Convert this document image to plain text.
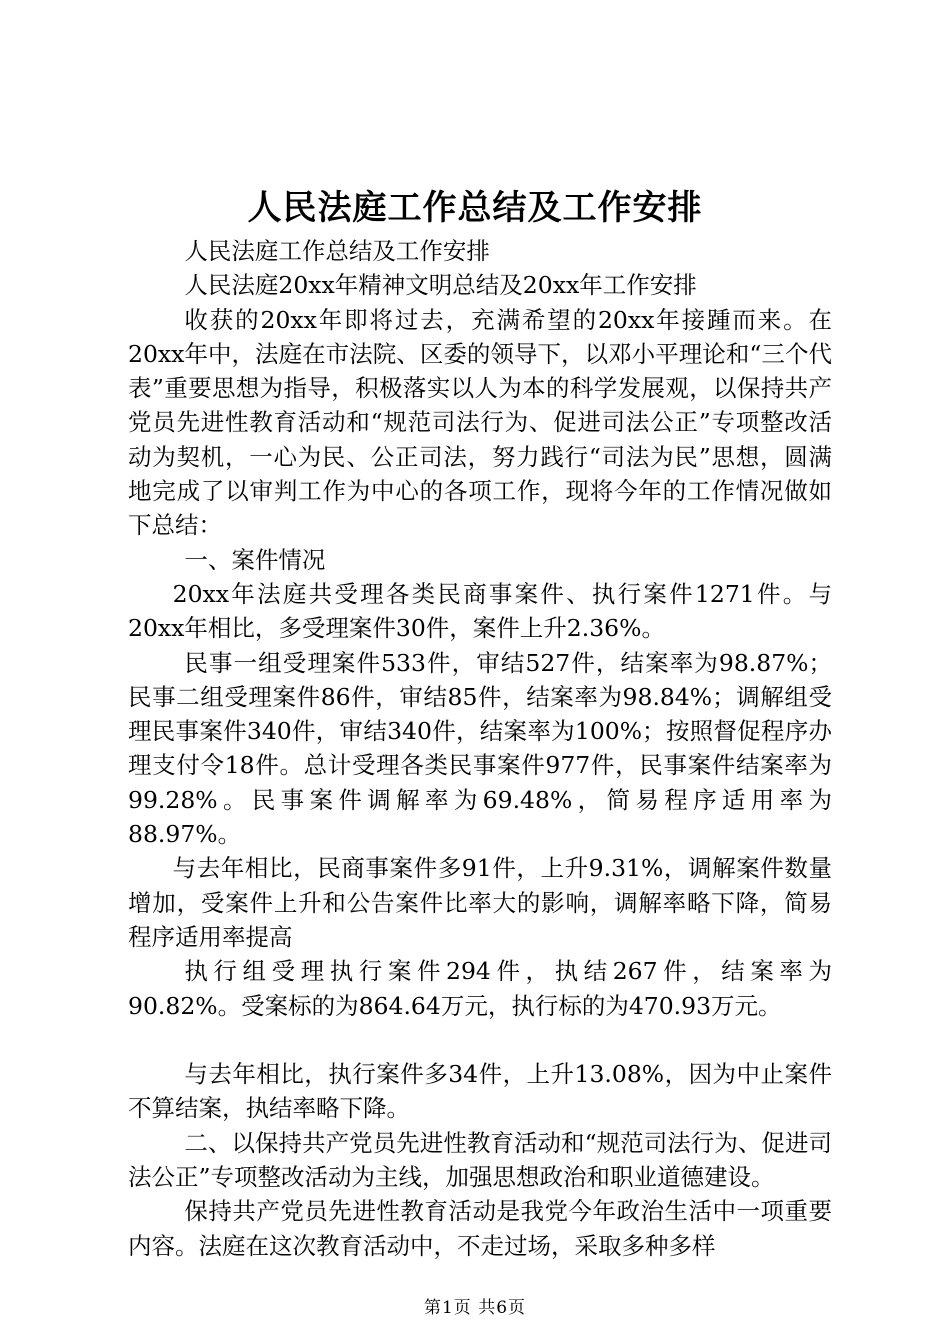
人民法庭工作总结及工作安排

人民法庭工作总结及工作安排

人民法庭20xx年精神文明总结及20xx年工作安排

收获的20xx年即将过去，充满希望的20xx年接踵而来。在20xx年中，法庭在市法院、区委的领导下，以邓小平理论和“三个代表”重要思想为指导，积极落实以人为本的科学发展观，以保持共产党员先进性教育活动和“规范司法行为、促进司法公正”专项整改活动为契机，一心为民、公正司法，努力践行“司法为民”思想，圆满地完成了以审判工作为中心的各项工作，现将今年的工作情况做如下总结：

一、案件情况

20xx年法庭共受理各类民商事案件、执行案件1271件。与20xx年相比，多受理案件30件，案件上升2.36%。

民事一组受理案件533件，审结527件，结案率为98.87%；民事二组受理案件86件，审结85件，结案率为98.84%；调解组受理民事案件340件，审结340件，结案率为100%；按照督促程序办理支付令18件。总计受理各类民事案件977件，民事案件结案率为99.28%。民事案件调解率为69.48%，简易程序适用率为88.97%。

与去年相比，民商事案件多91件，上升9.31%，调解案件数量增加，受案件上升和公告案件比率大的影响，调解率略下降，简易程序适用率提高

执行组受理执行案件294件，执结267件，结案率为90.82%。受案标的为864.64万元，执行标的为470.93万元。

与去年相比，执行案件多34件，上升13.08%，因为中止案件不算结案，执结率略下降。

二、以保持共产党员先进性教育活动和“规范司法行为、促进司法公正”专项整改活动为主线，加强思想政治和职业道德建设。

保持共产党员先进性教育活动是我党今年政治生活中一项重要内容。法庭在这次教育活动中，不走过场，采取多种多样

第1页 共6页
